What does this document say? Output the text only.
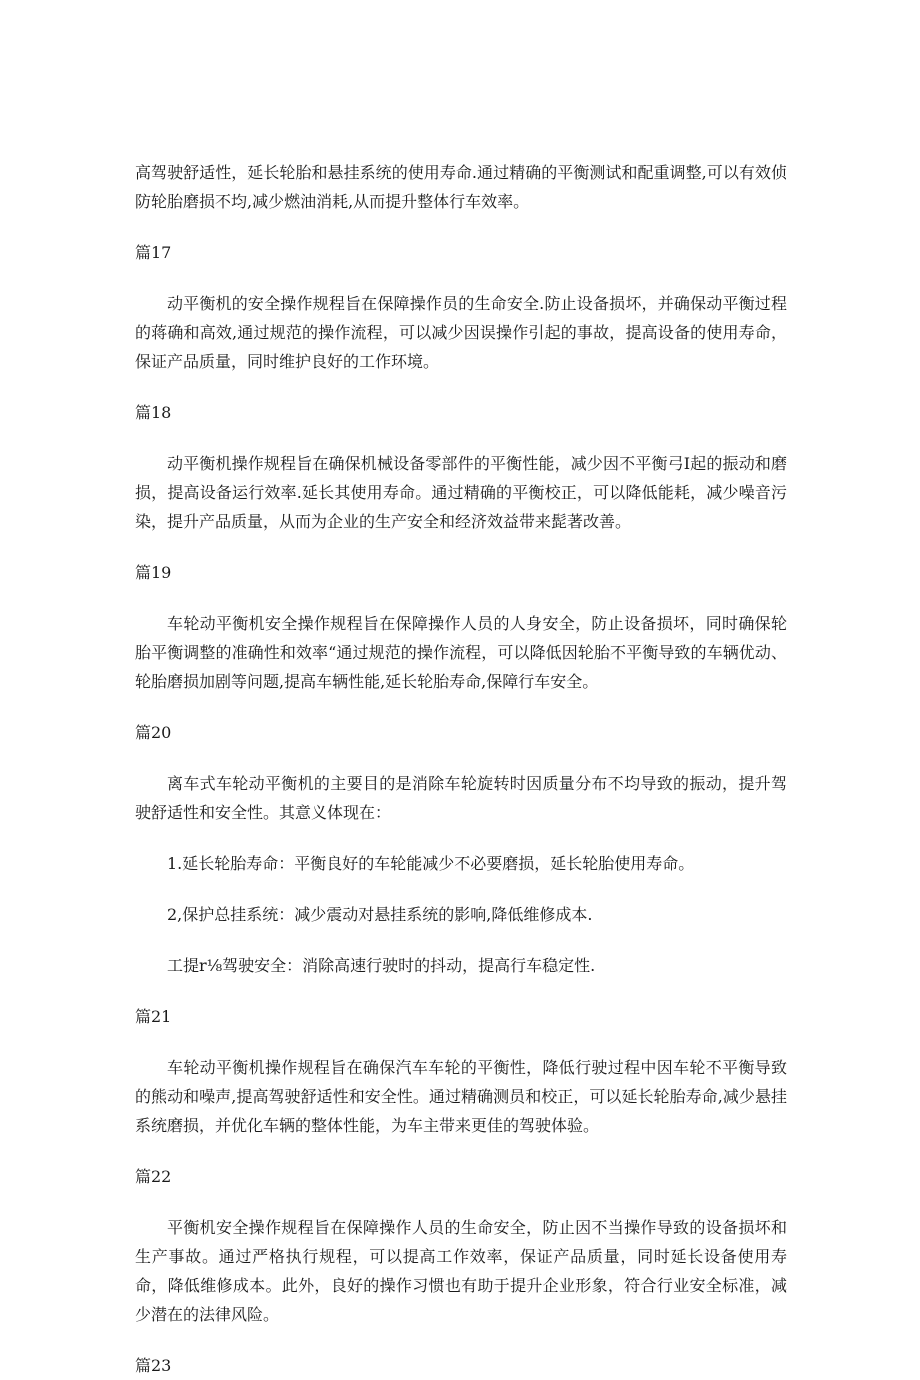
高驾驶舒适性，延长轮胎和悬挂系统的使用寿命.通过精确的平衡测试和配重调整,可以有效侦防轮胎磨损不均,减少燃油消耗,从而提升整体行车效率。

篇17

动平衡机的安全操作规程旨在保障操作员的生命安全.防止设备损坏，并确保动平衡过程的蒋确和高效,通过规范的操作流程，可以减少因误操作引起的事故，提高设备的使用寿命，保证产品质量，同时维护良好的工作环境。

篇18

动平衡机操作规程旨在确保机械设备零部件的平衡性能，减少因不平衡弓I起的振动和磨损，提高设备运行效率.延长其使用寿命。通过精确的平衡校正，可以降低能耗，减少噪音污染，提升产品质量，从而为企业的生产安全和经济效益带来髭著改善。

篇19

车轮动平衡机安全操作规程旨在保障操作人员的人身安全，防止设备损坏，同时确保轮胎平衡调整的准确性和效率“通过规范的操作流程，可以降低因轮胎不平衡导致的车辆优动、轮胎磨损加剧等问题,提高车辆性能,延长轮胎寿命,保障行车安全。

篇20

离车式车轮动平衡机的主要目的是消除车轮旋转时因质量分布不均导致的振动，提升驾驶舒适性和安全性。其意义体现在：

1.延长轮胎寿命：平衡良好的车轮能减少不必要磨损，延长轮胎使用寿命。

2,保护总挂系统：减少震动对悬挂系统的影响,降低维修成本.

工提r⅛驾驶安全：消除高速行驶时的抖动，提高行车稳定性.

篇21

车轮动平衡机操作规程旨在确保汽车车轮的平衡性，降低行驶过程中因车轮不平衡导致的熊动和噪声,提高驾驶舒适性和安全性。通过精确测员和校正，可以延长轮胎寿命,减少悬挂系统磨损，并优化车辆的整体性能，为车主带来更佳的驾驶体验。

篇22

平衡机安全操作规程旨在保障操作人员的生命安全，防止因不当操作导致的设备损坏和生产事故。通过严格执行规程，可以提高工作效率，保证产品质量，同时延长设备使用寿命，降低维修成本。此外，良好的操作习惯也有助于提升企业形象，符合行业安全标准，减少潜在的法律风险。

篇23
